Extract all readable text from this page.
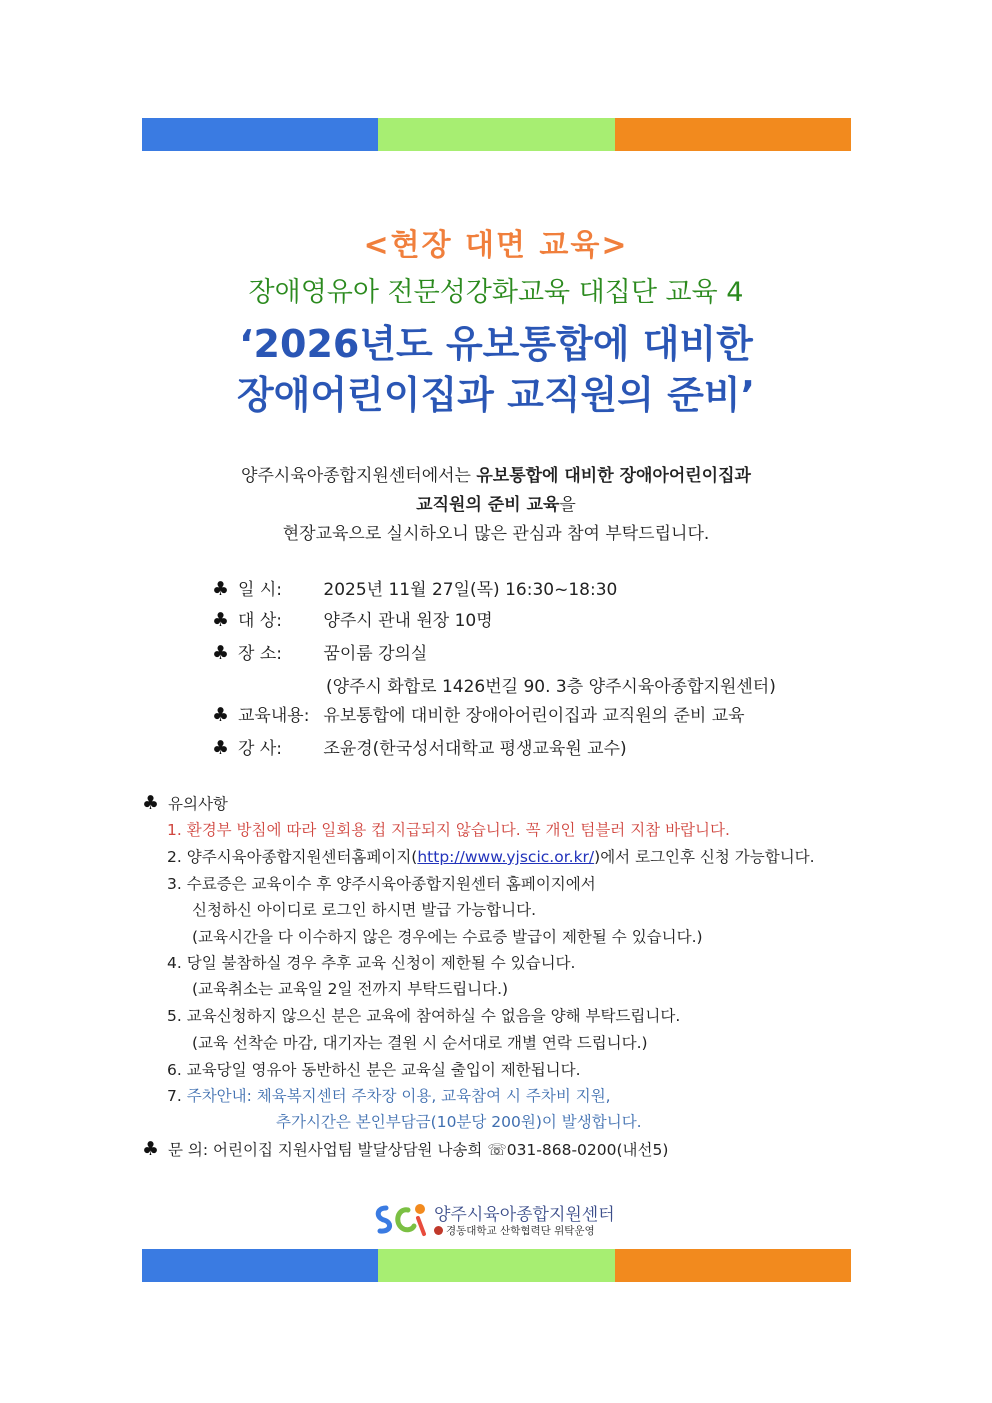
<현장 대면 교육>
장애영유아 전문성강화교육 대집단 교육 4
‘2026년도 유보통합에 대비한
장애어린이집과 교직원의 준비’
양주시육아종합지원센터에서는 유보통합에 대비한 장애아어린이집과
교직원의 준비 교육을
현장교육으로 실시하오니 많은 관심과 참여 부탁드립니다.
♣ 일 시: 2025년 11월 27일(목) 16:30~18:30
♣ 대 상: 양주시 관내 원장 10명
♣ 장 소: 꿈이룸 강의실
(양주시 화합로 1426번길 90. 3층 양주시육아종합지원센터)
♣ 교육내용: 유보통합에 대비한 장애아어린이집과 교직원의 준비 교육
♣ 강 사: 조윤경(한국성서대학교 평생교육원 교수)
♣ 유의사항
1. 환경부 방침에 따라 일회용 컵 지급되지 않습니다. 꼭 개인 텀블러 지참 바랍니다.
2. 양주시육아종합지원센터홈페이지(http://www.yjscic.or.kr/)에서 로그인후 신청 가능합니다.
3. 수료증은 교육이수 후 양주시육아종합지원센터 홈페이지에서
신청하신 아이디로 로그인 하시면 발급 가능합니다.
(교육시간을 다 이수하지 않은 경우에는 수료증 발급이 제한될 수 있습니다.)
4. 당일 불참하실 경우 추후 교육 신청이 제한될 수 있습니다.
(교육취소는 교육일 2일 전까지 부탁드립니다.)
5. 교육신청하지 않으신 분은 교육에 참여하실 수 없음을 양해 부탁드립니다.
(교육 선착순 마감, 대기자는 결원 시 순서대로 개별 연락 드립니다.)
6. 교육당일 영유아 동반하신 분은 교육실 출입이 제한됩니다.
7. 주차안내: 체육복지센터 주차장 이용, 교육참여 시 주차비 지원,
추가시간은 본인부담금(10분당 200원)이 발생합니다.
♣ 문 의: 어린이집 지원사업팀 발달상담원 나송희 ☏031-868-0200(내선5)
양주시육아종합지원센터
경동대학교 산학협력단 위탁운영
